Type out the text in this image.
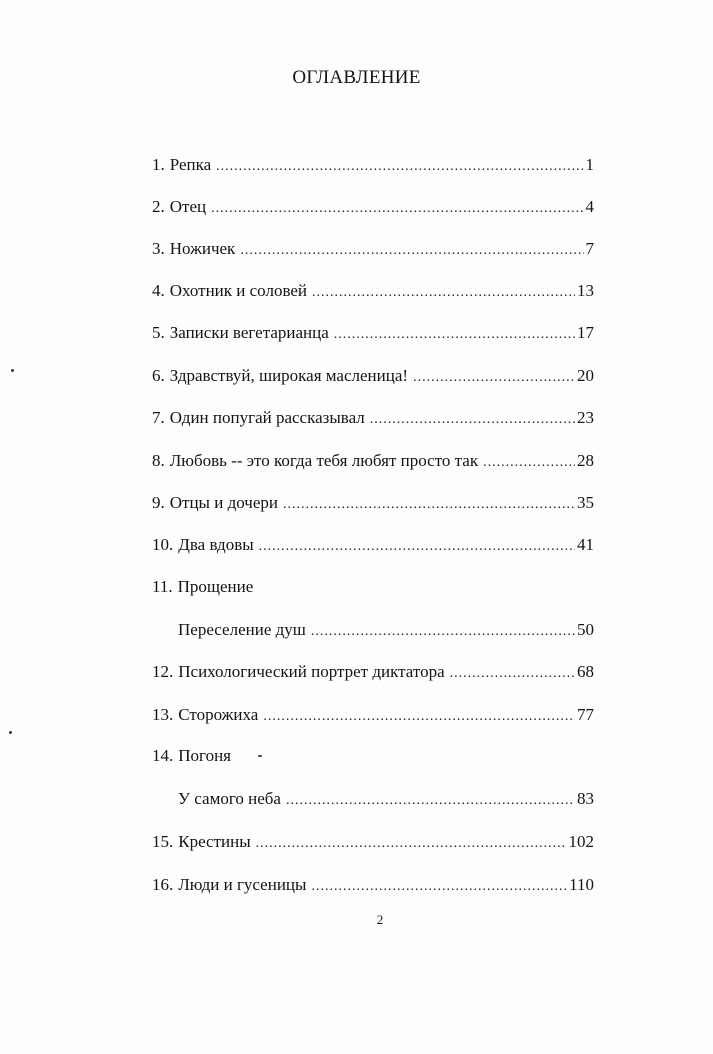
ОГЛАВЛЕНИЕ
1. Репка .....	1
2. Отец .....	4
3. Ножичек .....	7
4. Охотник и соловей .....	13
5. Записки вегетарианца .....	17
6. Здравствуй, широкая масленица! .....	20
7. Один попугай рассказывал .....	23
8. Любовь -- это когда тебя любят просто так .....	28
9. Отцы и дочери .....	35
10. Два вдовы .....	41
11. Прощение
Переселение душ .....	50
12. Психологический портрет диктатора .....	68
13. Сторожиха .....	77
14. Погоня
У самого неба .....	83
15. Крестины .....	102
16. Люди и гусеницы .....	110
2
